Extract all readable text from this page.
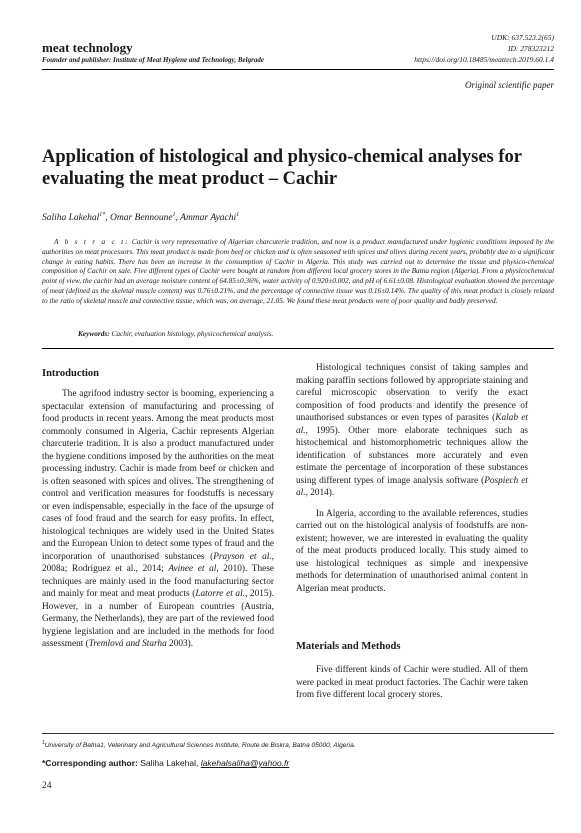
meat technology
Founder and publisher: Institute of Meat Hygiene and Technology, Belgrade
UDK: 637.523.2(65)
ID: 278323212
https://doi.org/10.18485/meattech.2019.60.1.4
Original scientific paper
Application of histological and physico-chemical analyses for evaluating the meat product – Cachir
Saliha Lakehal$^{1*}$, Omar Bennoune$^1$, Ammar Ayachi$^1$
A b s t r a c t: Cachir is very representative of Algerian charcuterie tradition, and now is a product manufactured under hygienic conditions imposed by the authorities on meat processors. This meat product is made from beef or chicken and is often seasoned with spices and olives during recent years, probably due to a significant change in eating habits. There has been an increase in the consumption of Cachir in Algeria. This study was carried out to determine the tissue and physico-chemical composition of Cachir on sale. Five different types of Cachir were bought at random from different local grocery stores in the Batna region (Algeria). From a physicochemical point of view, the cachir had an average moisture content of 64.85±0.36%, water activity of 0.920±0.002, and pH of 6.61±0.08. Histological evaluation showed the percentage of meat (defined as the skeletal muscle content) was 0.76±0.21%, and the percentage of connective tissue was 0.16±0.14%. The quality of this meat product is closely related to the ratio of skeletal muscle and connective tissue, which was, on average, 21.05. We found these meat products were of poor quality and badly preserved.
Keywords: Cachir, evaluation histology, physicochemical analysis.
Introduction

The agrifood industry sector is booming, experiencing a spectacular extension of manufacturing and processing of food products in recent years. Among the meat products most commonly consumed in Algeria, Cachir represents Algerian charcuterie tradition. It is also a product manufactured under the hygiene conditions imposed by the authorities on the meat processing industry. Cachir is made from beef or chicken and is often seasoned with spices and olives. The strengthening of control and verification measures for foodstuffs is necessary or even indispensable, especially in the face of the upsurge of cases of food fraud and the search for easy profits. In effect, histological techniques are widely used in the United States and the European Union to detect some types of fraud and the incorporation of unauthorised substances (Prayson et al., 2008a; Rodríguez et al., 2014; Avinee et al, 2010). These techniques are mainly used in the food manufacturing sector and mainly for meat and meat products (Latorre et al., 2015). However, in a number of European countries (Austria, Germany, the Netherlands), they are part of the reviewed food hygiene legislation and are included in the methods for food assessment (Tremlová and Starha 2003).

Histological techniques consist of taking samples and making paraffin sections followed by appropriate staining and careful microscopic observation to verify the exact composition of food products and identify the presence of unauthorised substances or even types of parasites (Kalab et al., 1995). Other more elaborate techniques such as histochemical and histomorphometric techniques allow the identification of substances more accurately and even estimate the percentage of incorporation of these substances using different types of image analysis software (Pospiech et al., 2014).

In Algeria, according to the available references, studies carried out on the histological analysis of foodstuffs are non-existent; however, we are interested in evaluating the quality of the meat products produced locally. This study aimed to use histological techniques as simple and inexpensive methods for determination of unauthorised animal content in Algerian meat products.

Materials and Methods

Five different kinds of Cachir were studied. All of them were packed in meat product factories. The Cachir were taken from five different local grocery stores.

$^1$University of Batna1, Veterinary and Agricultural Sciences Institute, Route de Biskra, Batna 05000, Algeria.
*Corresponding author: Saliha Lakehal, lakehalsaliha@yahoo.fr
24
